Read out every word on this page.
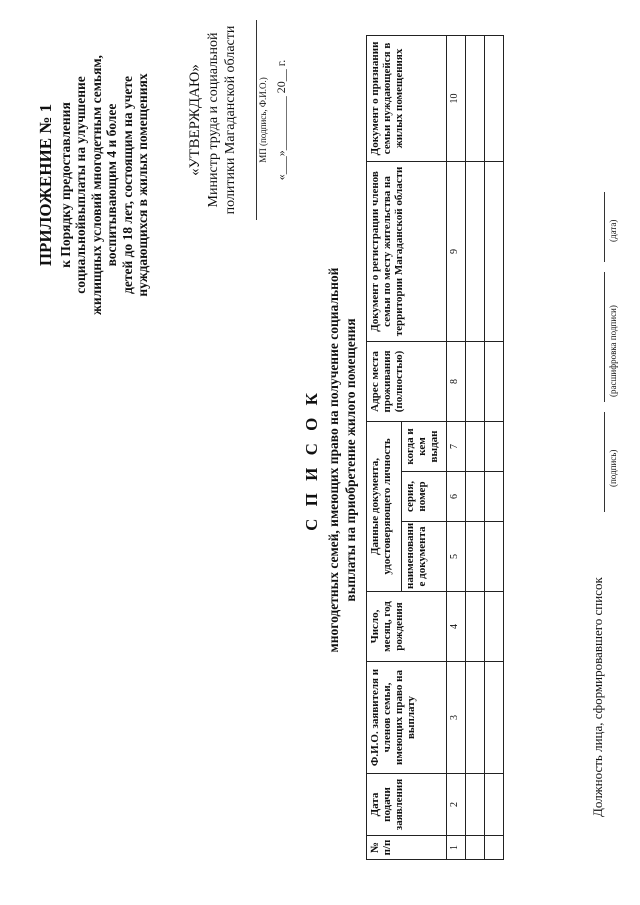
ПРИЛОЖЕНИЕ № 1 к Порядку предоставления социальнойвыплаты на улучшение жилищных условий многодетным семьям, воспитывающим 4 и более детей до 18 лет, состоящим на учете нуждающихся в жилых помещениях «УТВЕРЖДАЮ» Министр труда и социальной политики Магаданской области МП (подпись, Ф.И.О.) «___»_________ 20__ г.
С П И С О К многодетных семей, имеющих право на получение социальной выплаты на приобретение жилого помещения
№ п/п	Дата подачи заявления	Ф.И.О. заявителя и членов семьи, имеющих право на выплату	Число, месяц, год рождения	Данные документа, удостоверяющего личность			Адрес места проживания (полностью)	Документ о регистрации членов семьи по месту жительства на территории Магаданской области	Документ о признании семьи нуждающейся в жилых помещениях
				наименовани е документа	серия, номер	когда и кем выдан			
1	2	3	4	5	6	7	8	9	10

Должность лица, сформировавшего список
(подпись)
(расшифровка подписи)
(дата)
